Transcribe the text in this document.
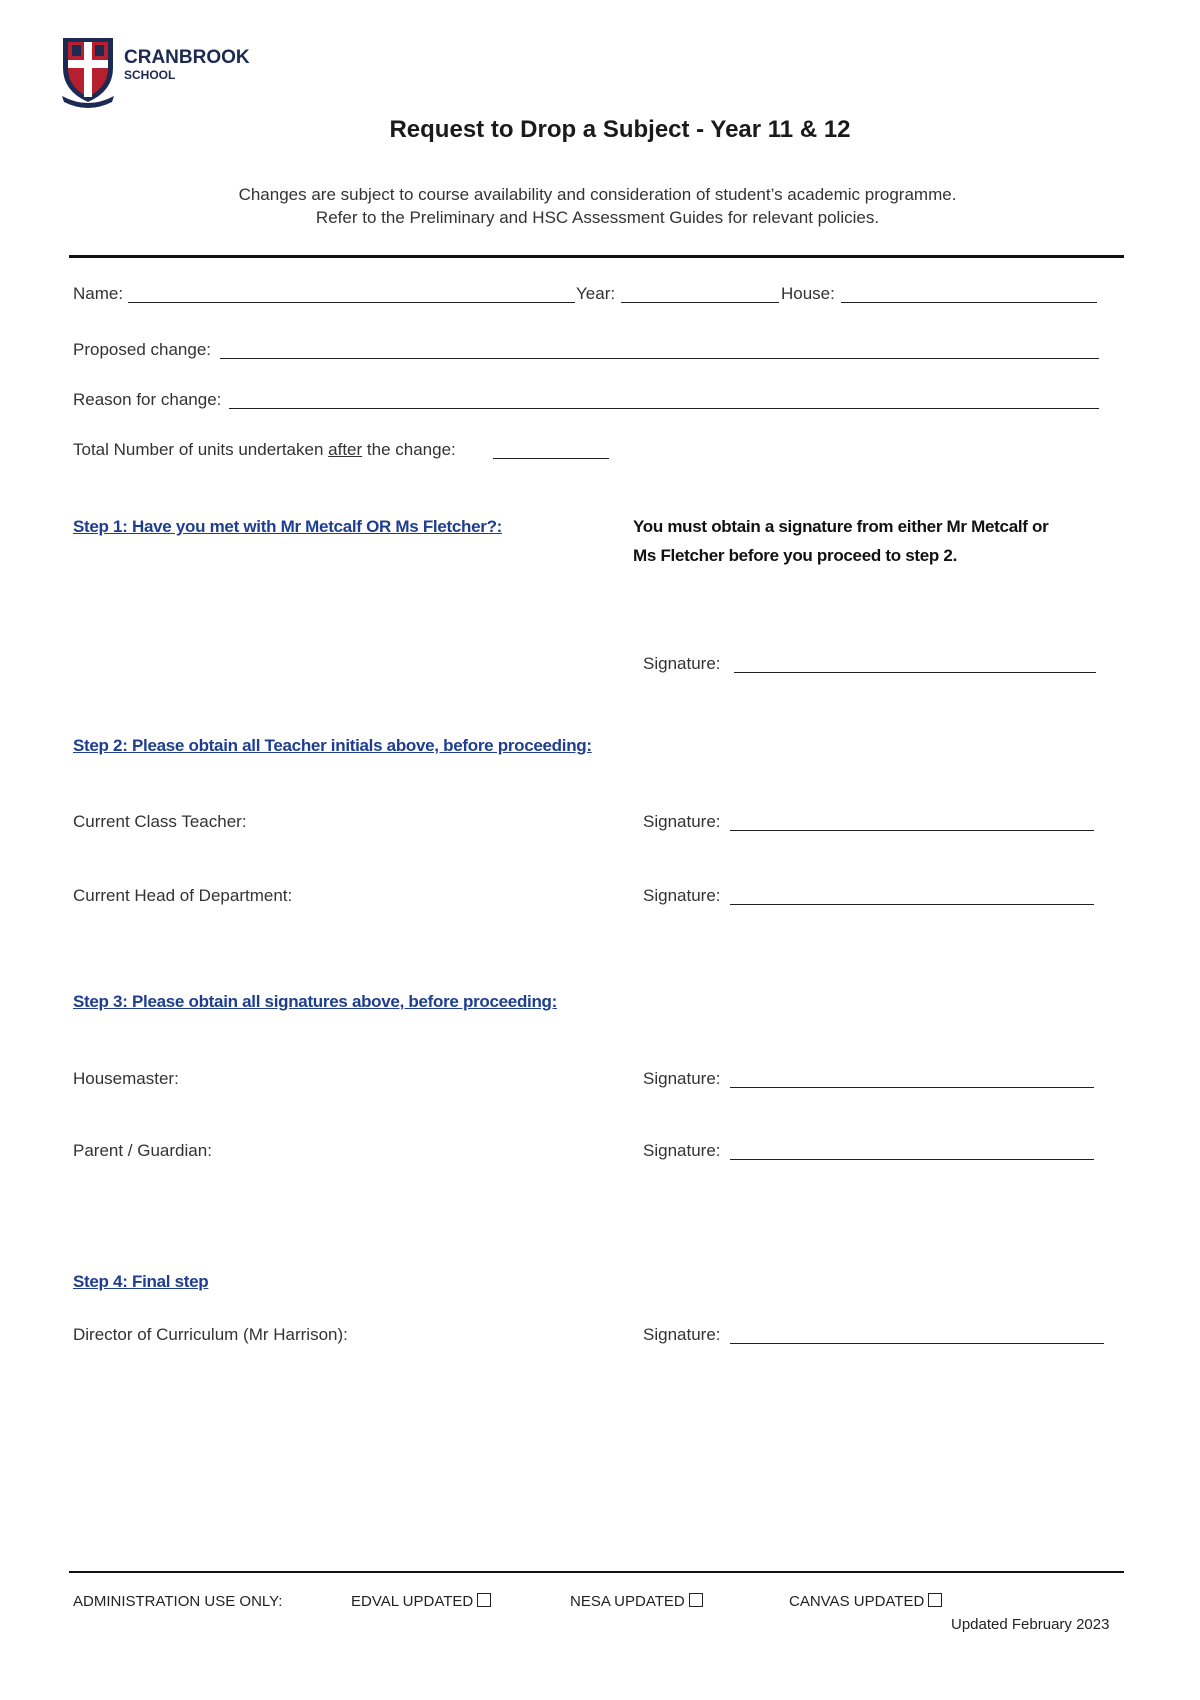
CRANBROOK
SCHOOL
Request to Drop a Subject - Year 11 & 12
Changes are subject to course availability and consideration of student’s academic programme.
Refer to the Preliminary and HSC Assessment Guides for relevant policies.
Name:	Year:	House:
Proposed change:
Reason for change:
Total Number of units undertaken after the change:
Step 1: Have you met with Mr Metcalf OR Ms Fletcher?:	You must obtain a signature from either Mr Metcalf or
Ms Fletcher before you proceed to step 2.
Signature:
Step 2: Please obtain all Teacher initials above, before proceeding:
Current Class Teacher:	Signature:
Current Head of Department:	Signature:
Step 3: Please obtain all signatures above, before proceeding:
Housemaster:	Signature:
Parent / Guardian:	Signature:
Step 4: Final step
Director of Curriculum (Mr Harrison):	Signature:
ADMINISTRATION USE ONLY:	EDVAL UPDATED	NESA UPDATED	CANVAS UPDATED
Updated February 2023
